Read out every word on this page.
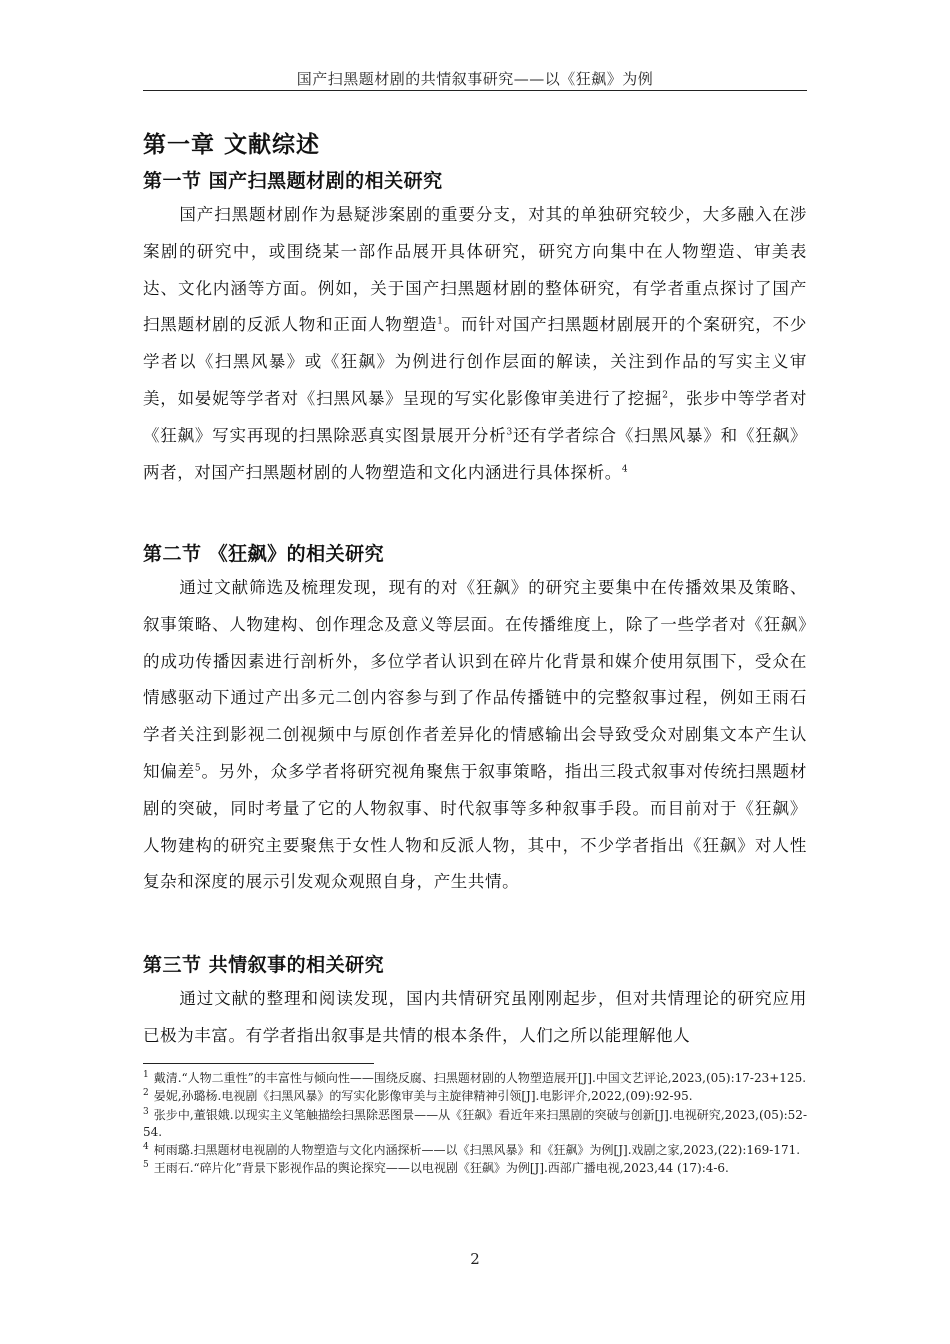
国产扫黑题材剧的共情叙事研究——以《狂飙》为例
第一章 文献综述
第一节 国产扫黑题材剧的相关研究
国产扫黑题材剧作为悬疑涉案剧的重要分支，对其的单独研究较少，大多融入在涉案剧的研究中，或围绕某一部作品展开具体研究，研究方向集中在人物塑造、审美表达、文化内涵等方面。例如，关于国产扫黑题材剧的整体研究，有学者重点探讨了国产扫黑题材剧的反派人物和正面人物塑造$^1$。而针对国产扫黑题材剧展开的个案研究，不少学者以《扫黑风暴》或《狂飙》为例进行创作层面的解读，关注到作品的写实主义审美，如晏妮等学者对《扫黑风暴》呈现的写实化影像审美进行了挖掘$^2$，张步中等学者对《狂飙》写实再现的扫黑除恶真实图景展开分析$^3$还有学者综合《扫黑风暴》和《狂飙》两者，对国产扫黑题材剧的人物塑造和文化内涵进行具体探析。$^4$
第二节 《狂飙》的相关研究
通过文献筛选及梳理发现，现有的对《狂飙》的研究主要集中在传播效果及策略、叙事策略、人物建构、创作理念及意义等层面。在传播维度上，除了一些学者对《狂飙》的成功传播因素进行剖析外，多位学者认识到在碎片化背景和媒介使用氛围下，受众在情感驱动下通过产出多元二创内容参与到了作品传播链中的完整叙事过程，例如王雨石学者关注到影视二创视频中与原创作者差异化的情感输出会导致受众对剧集文本产生认知偏差$^5$。另外，众多学者将研究视角聚焦于叙事策略，指出三段式叙事对传统扫黑题材剧的突破，同时考量了它的人物叙事、时代叙事等多种叙事手段。而目前对于《狂飙》人物建构的研究主要聚焦于女性人物和反派人物，其中，不少学者指出《狂飙》对人性复杂和深度的展示引发观众观照自身，产生共情。
第三节 共情叙事的相关研究
通过文献的整理和阅读发现，国内共情研究虽刚刚起步，但对共情理论的研究应用已极为丰富。有学者指出叙事是共情的根本条件，人们之所以能理解他人
$^1$ 戴清.“人物二重性”的丰富性与倾向性——围绕反腐、扫黑题材剧的人物塑造展开[J].中国文艺评论,2023,(05):17-23+125.
$^2$ 晏妮,孙璐杨.电视剧《扫黑风暴》的写实化影像审美与主旋律精神引领[J].电影评介,2022,(09):92-95.
$^3$ 张步中,董银娥.以现实主义笔触描绘扫黑除恶图景——从《狂飙》看近年来扫黑剧的突破与创新[J].电视研究,2023,(05):52-54.
$^4$ 柯雨璐.扫黑题材电视剧的人物塑造与文化内涵探析——以《扫黑风暴》和《狂飙》为例[J].戏剧之家,2023,(22):169-171.
$^5$ 王雨石.“碎片化”背景下影视作品的舆论探究——以电视剧《狂飙》为例[J].西部广播电视,2023,44 (17):4-6.
2
